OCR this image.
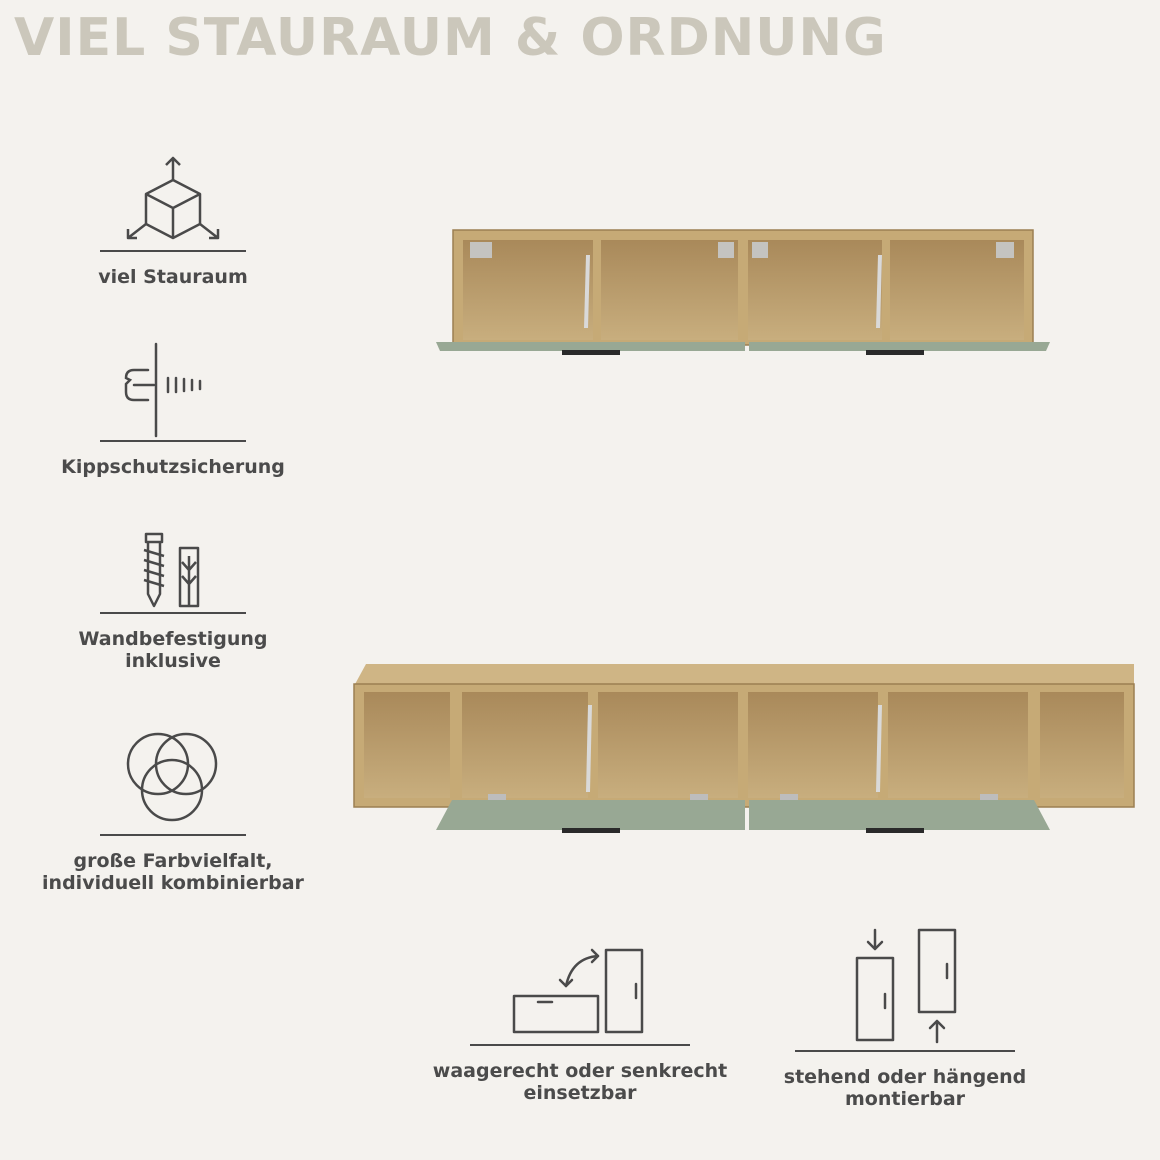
VIEL STAURAUM & ORDNUNG
viel Stauraum
Kippschutzsicherung
Wandbefestigung
inklusive
große Farbvielfalt,
individuell kombinierbar
waagerecht oder senkrecht
einsetzbar
stehend oder hängend
montierbar
